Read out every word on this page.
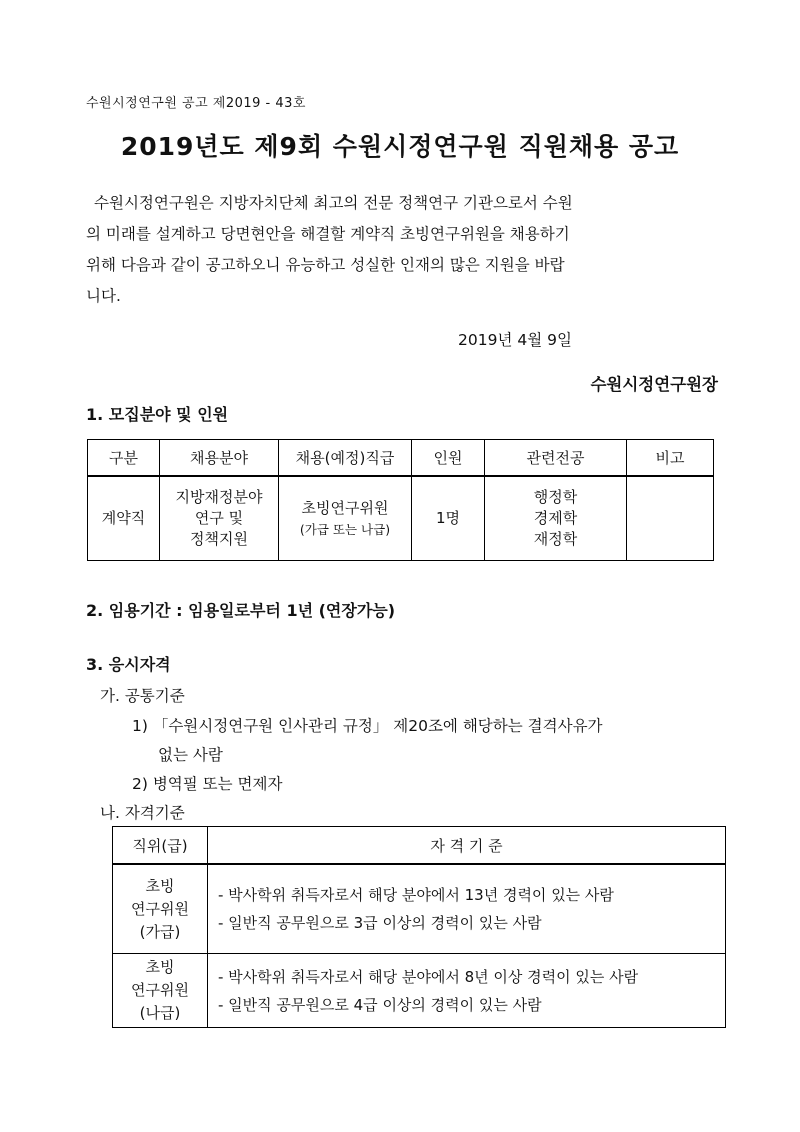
수원시정연구원 공고 제2019 - 43호
2019년도 제9회 수원시정연구원 직원채용 공고

수원시정연구원은 지방자치단체 최고의 전문 정책연구 기관으로서 수원
의 미래를 설계하고 당면현안을 해결할 계약직 초빙연구위원을 채용하기
위해 다음과 같이 공고하오니 유능하고 성실한 인재의 많은 지원을 바랍
니다.

2019년 4월 9일
수원시정연구원장
1. 모집분야 및 인원
구분	채용분야	채용(예정)직급	인원	관련전공	비고
계약직	지방재정분야
연구 및
정책지원	초빙연구위원
(가급 또는 나급)	1명	행정학
경제학
재정학	
2. 임용기간 : 임용일로부터 1년 (연장가능)
3. 응시자격
가. 공통기준
1) 「수원시정연구원 인사관리 규정」 제20조에 해당하는 결격사유가
없는 사람
2) 병역필 또는 면제자
나. 자격기준
직위(급)	자 격 기 준
초빙
연구위원
(가급)	- 박사학위 취득자로서 해당 분야에서 13년 경력이 있는 사람
- 일반직 공무원으로 3급 이상의 경력이 있는 사람
초빙
연구위원
(나급)	- 박사학위 취득자로서 해당 분야에서 8년 이상 경력이 있는 사람
- 일반직 공무원으로 4급 이상의 경력이 있는 사람
